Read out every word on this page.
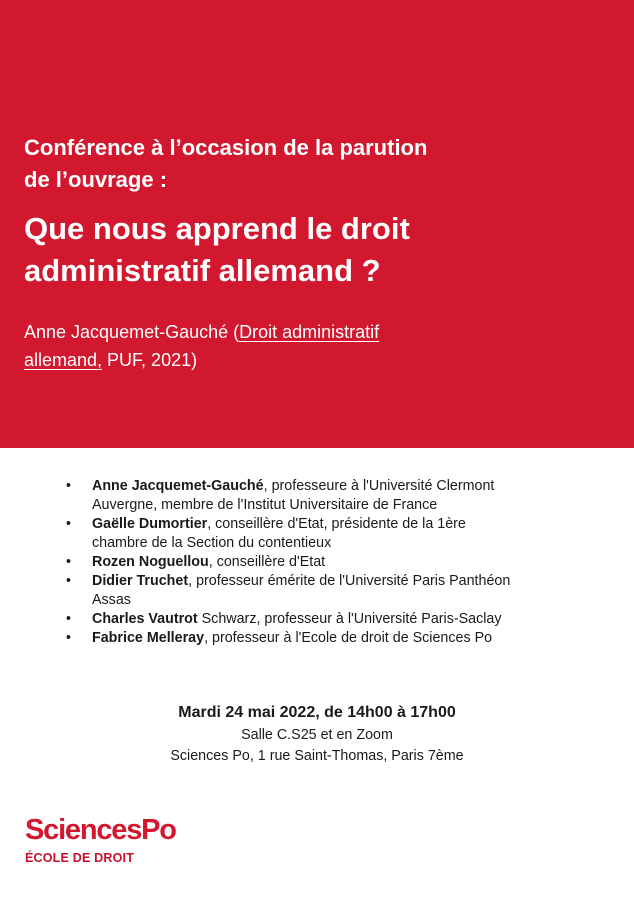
Conférence à l’occasion de la parution
de l’ouvrage :

Que nous apprend le droit
administratif allemand ?

Anne Jacquemet-Gauché (Droit administratif
allemand, PUF, 2021)

• Anne Jacquemet-Gauché, professeure à l'Université Clermont
Auvergne, membre de l'Institut Universitaire de France
• Gaëlle Dumortier, conseillère d'Etat, présidente de la 1ère
chambre de la Section du contentieux
• Rozen Noguellou, conseillère d'Etat
• Didier Truchet, professeur émérite de l'Université Paris Panthéon
Assas
• Charles Vautrot Schwarz, professeur à l'Université Paris-Saclay
• Fabrice Melleray, professeur à l'Ecole de droit de Sciences Po
Mardi 24 mai 2022, de 14h00 à 17h00
Salle C.S25 et en Zoom
Sciences Po, 1 rue Saint-Thomas, Paris 7ème
SciencesPo
ÉCOLE DE DROIT
